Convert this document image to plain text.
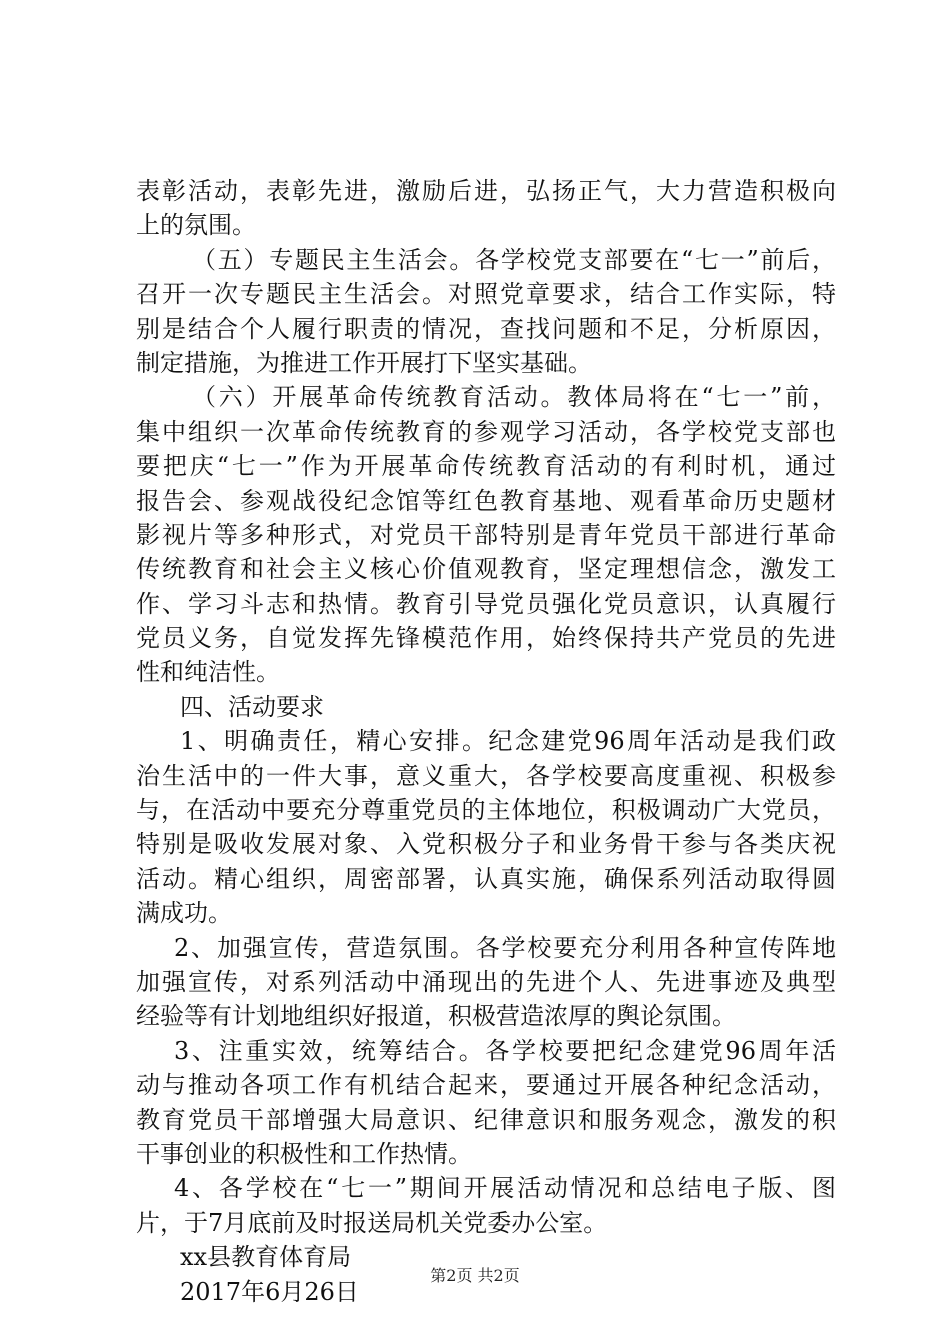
表彰活动，表彰先进，激励后进，弘扬正气，大力营造积极向
上的氛围。
（五）专题民主生活会。各学校党支部要在“七一”前后，
召开一次专题民主生活会。对照党章要求，结合工作实际，特
别是结合个人履行职责的情况，查找问题和不足，分析原因，
制定措施，为推进工作开展打下坚实基础。
（六）开展革命传统教育活动。教体局将在“七一”前，
集中组织一次革命传统教育的参观学习活动，各学校党支部也
要把庆“七一”作为开展革命传统教育活动的有利时机，通过
报告会、参观战役纪念馆等红色教育基地、观看革命历史题材
影视片等多种形式，对党员干部特别是青年党员干部进行革命
传统教育和社会主义核心价值观教育，坚定理想信念，激发工
作、学习斗志和热情。教育引导党员强化党员意识，认真履行
党员义务，自觉发挥先锋模范作用，始终保持共产党员的先进
性和纯洁性。
四、活动要求
1、明确责任，精心安排。纪念建党96周年活动是我们政
治生活中的一件大事，意义重大，各学校要高度重视、积极参
与，在活动中要充分尊重党员的主体地位，积极调动广大党员，
特别是吸收发展对象、入党积极分子和业务骨干参与各类庆祝
活动。精心组织，周密部署，认真实施，确保系列活动取得圆
满成功。
2、加强宣传，营造氛围。各学校要充分利用各种宣传阵地
加强宣传，对系列活动中涌现出的先进个人、先进事迹及典型
经验等有计划地组织好报道，积极营造浓厚的舆论氛围。
3、注重实效，统筹结合。各学校要把纪念建党96周年活
动与推动各项工作有机结合起来，要通过开展各种纪念活动，
教育党员干部增强大局意识、纪律意识和服务观念，激发的积
干事创业的积极性和工作热情。
4、各学校在“七一”期间开展活动情况和总结电子版、图
片，于7月底前及时报送局机关党委办公室。
xx县教育体育局
2017年6月26日
第2页 共2页
